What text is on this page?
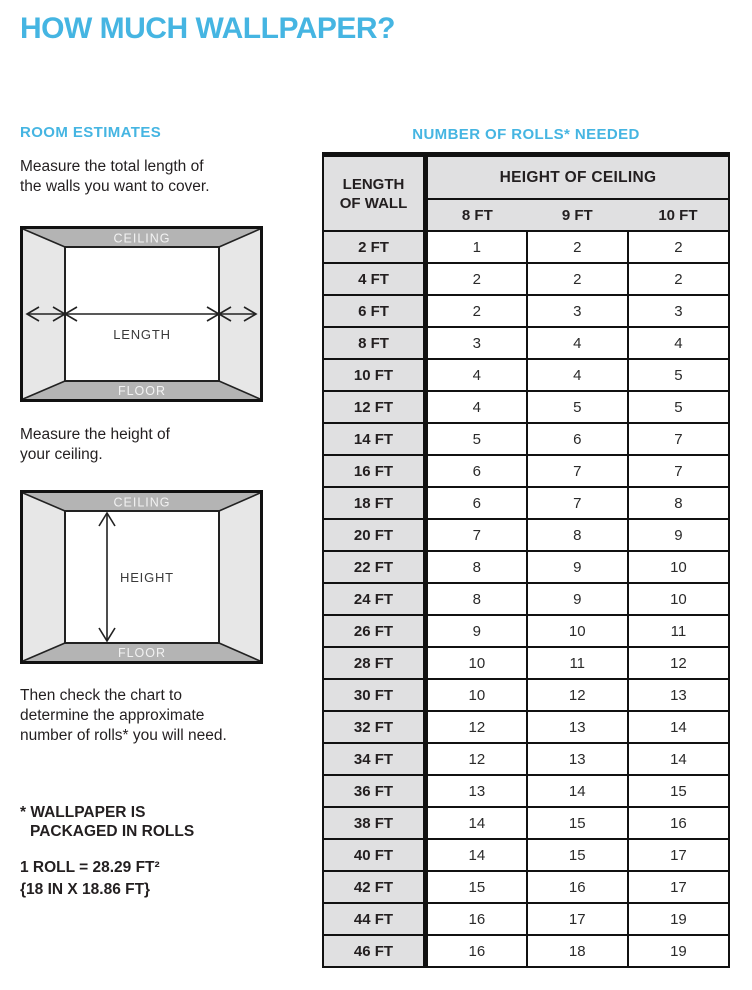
HOW MUCH WALLPAPER?
ROOM ESTIMATES
Measure the total length of
the walls you want to cover.
CEILING
FLOOR
LENGTH
Measure the height of
your ceiling.
CEILING
FLOOR
HEIGHT
Then check the chart to
determine the approximate
number of rolls* you will need.
* WALLPAPER IS
PACKAGED IN ROLLS
1 ROLL = 28.29 FT²
{18 IN X 18.86 FT}
NUMBER OF ROLLS* NEEDED
LENGTH
OF WALL	HEIGHT OF CEILING		
	8 FT	9 FT	10 FT
2 FT	1	2	2
4 FT	2	2	2
6 FT	2	3	3
8 FT	3	4	4
10 FT	4	4	5
12 FT	4	5	5
14 FT	5	6	7
16 FT	6	7	7
18 FT	6	7	8
20 FT	7	8	9
22 FT	8	9	10
24 FT	8	9	10
26 FT	9	10	11
28 FT	10	11	12
30 FT	10	12	13
32 FT	12	13	14
34 FT	12	13	14
36 FT	13	14	15
38 FT	14	15	16
40 FT	14	15	17
42 FT	15	16	17
44 FT	16	17	19
46 FT	16	18	19
